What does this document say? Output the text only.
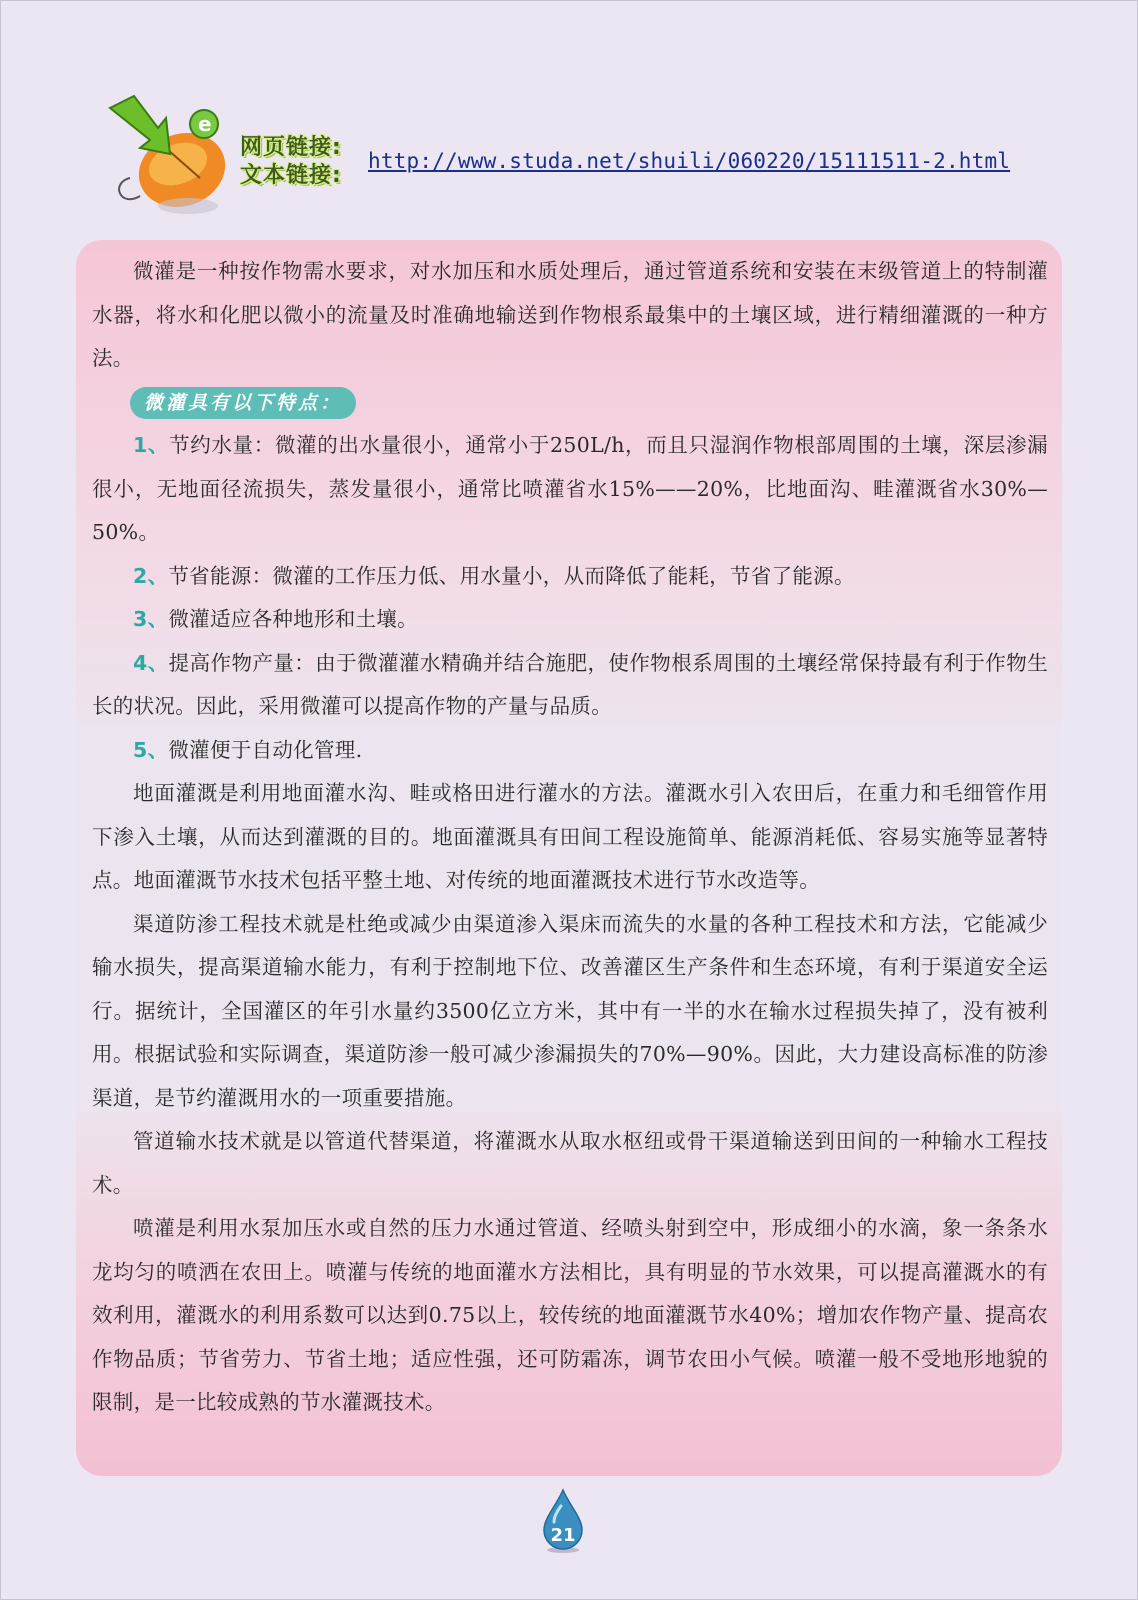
e
网页链接:
文本链接:
http://www.studa.net/shuili/060220/15111511-2.html

微灌是一种按作物需水要求，对水加压和水质处理后，通过管道系统和安装在末级管道上的特制灌水器，将水和化肥以微小的流量及时准确地输送到作物根系最集中的土壤区域，进行精细灌溉的一种方法。

微灌具有以下特点：

1、节约水量：微灌的出水量很小，通常小于250L/h，而且只湿润作物根部周围的土壤，深层渗漏很小，无地面径流损失，蒸发量很小，通常比喷灌省水15%——20%，比地面沟、畦灌溉省水30%—50%。

2、节省能源：微灌的工作压力低、用水量小，从而降低了能耗，节省了能源。

3、微灌适应各种地形和土壤。

4、提高作物产量：由于微灌灌水精确并结合施肥，使作物根系周围的土壤经常保持最有利于作物生长的状况。因此，采用微灌可以提高作物的产量与品质。

5、微灌便于自动化管理.

地面灌溉是利用地面灌水沟、畦或格田进行灌水的方法。灌溉水引入农田后，在重力和毛细管作用下渗入土壤，从而达到灌溉的目的。地面灌溉具有田间工程设施简单、能源消耗低、容易实施等显著特点。地面灌溉节水技术包括平整土地、对传统的地面灌溉技术进行节水改造等。

渠道防渗工程技术就是杜绝或减少由渠道渗入渠床而流失的水量的各种工程技术和方法，它能减少输水损失，提高渠道输水能力，有利于控制地下位、改善灌区生产条件和生态环境，有利于渠道安全运行。据统计，全国灌区的年引水量约3500亿立方米，其中有一半的水在输水过程损失掉了，没有被利用。根据试验和实际调查，渠道防渗一般可减少渗漏损失的70%—90%。因此，大力建设高标准的防渗渠道，是节约灌溉用水的一项重要措施。

管道输水技术就是以管道代替渠道，将灌溉水从取水枢纽或骨干渠道输送到田间的一种输水工程技术。

喷灌是利用水泵加压水或自然的压力水通过管道、经喷头射到空中，形成细小的水滴，象一条条水龙均匀的喷洒在农田上。喷灌与传统的地面灌水方法相比，具有明显的节水效果，可以提高灌溉水的有效利用，灌溉水的利用系数可以达到0.75以上，较传统的地面灌溉节水40%；增加农作物产量、提高农作物品质；节省劳力、节省土地；适应性强，还可防霜冻，调节农田小气候。喷灌一般不受地形地貌的限制，是一比较成熟的节水灌溉技术。

21
